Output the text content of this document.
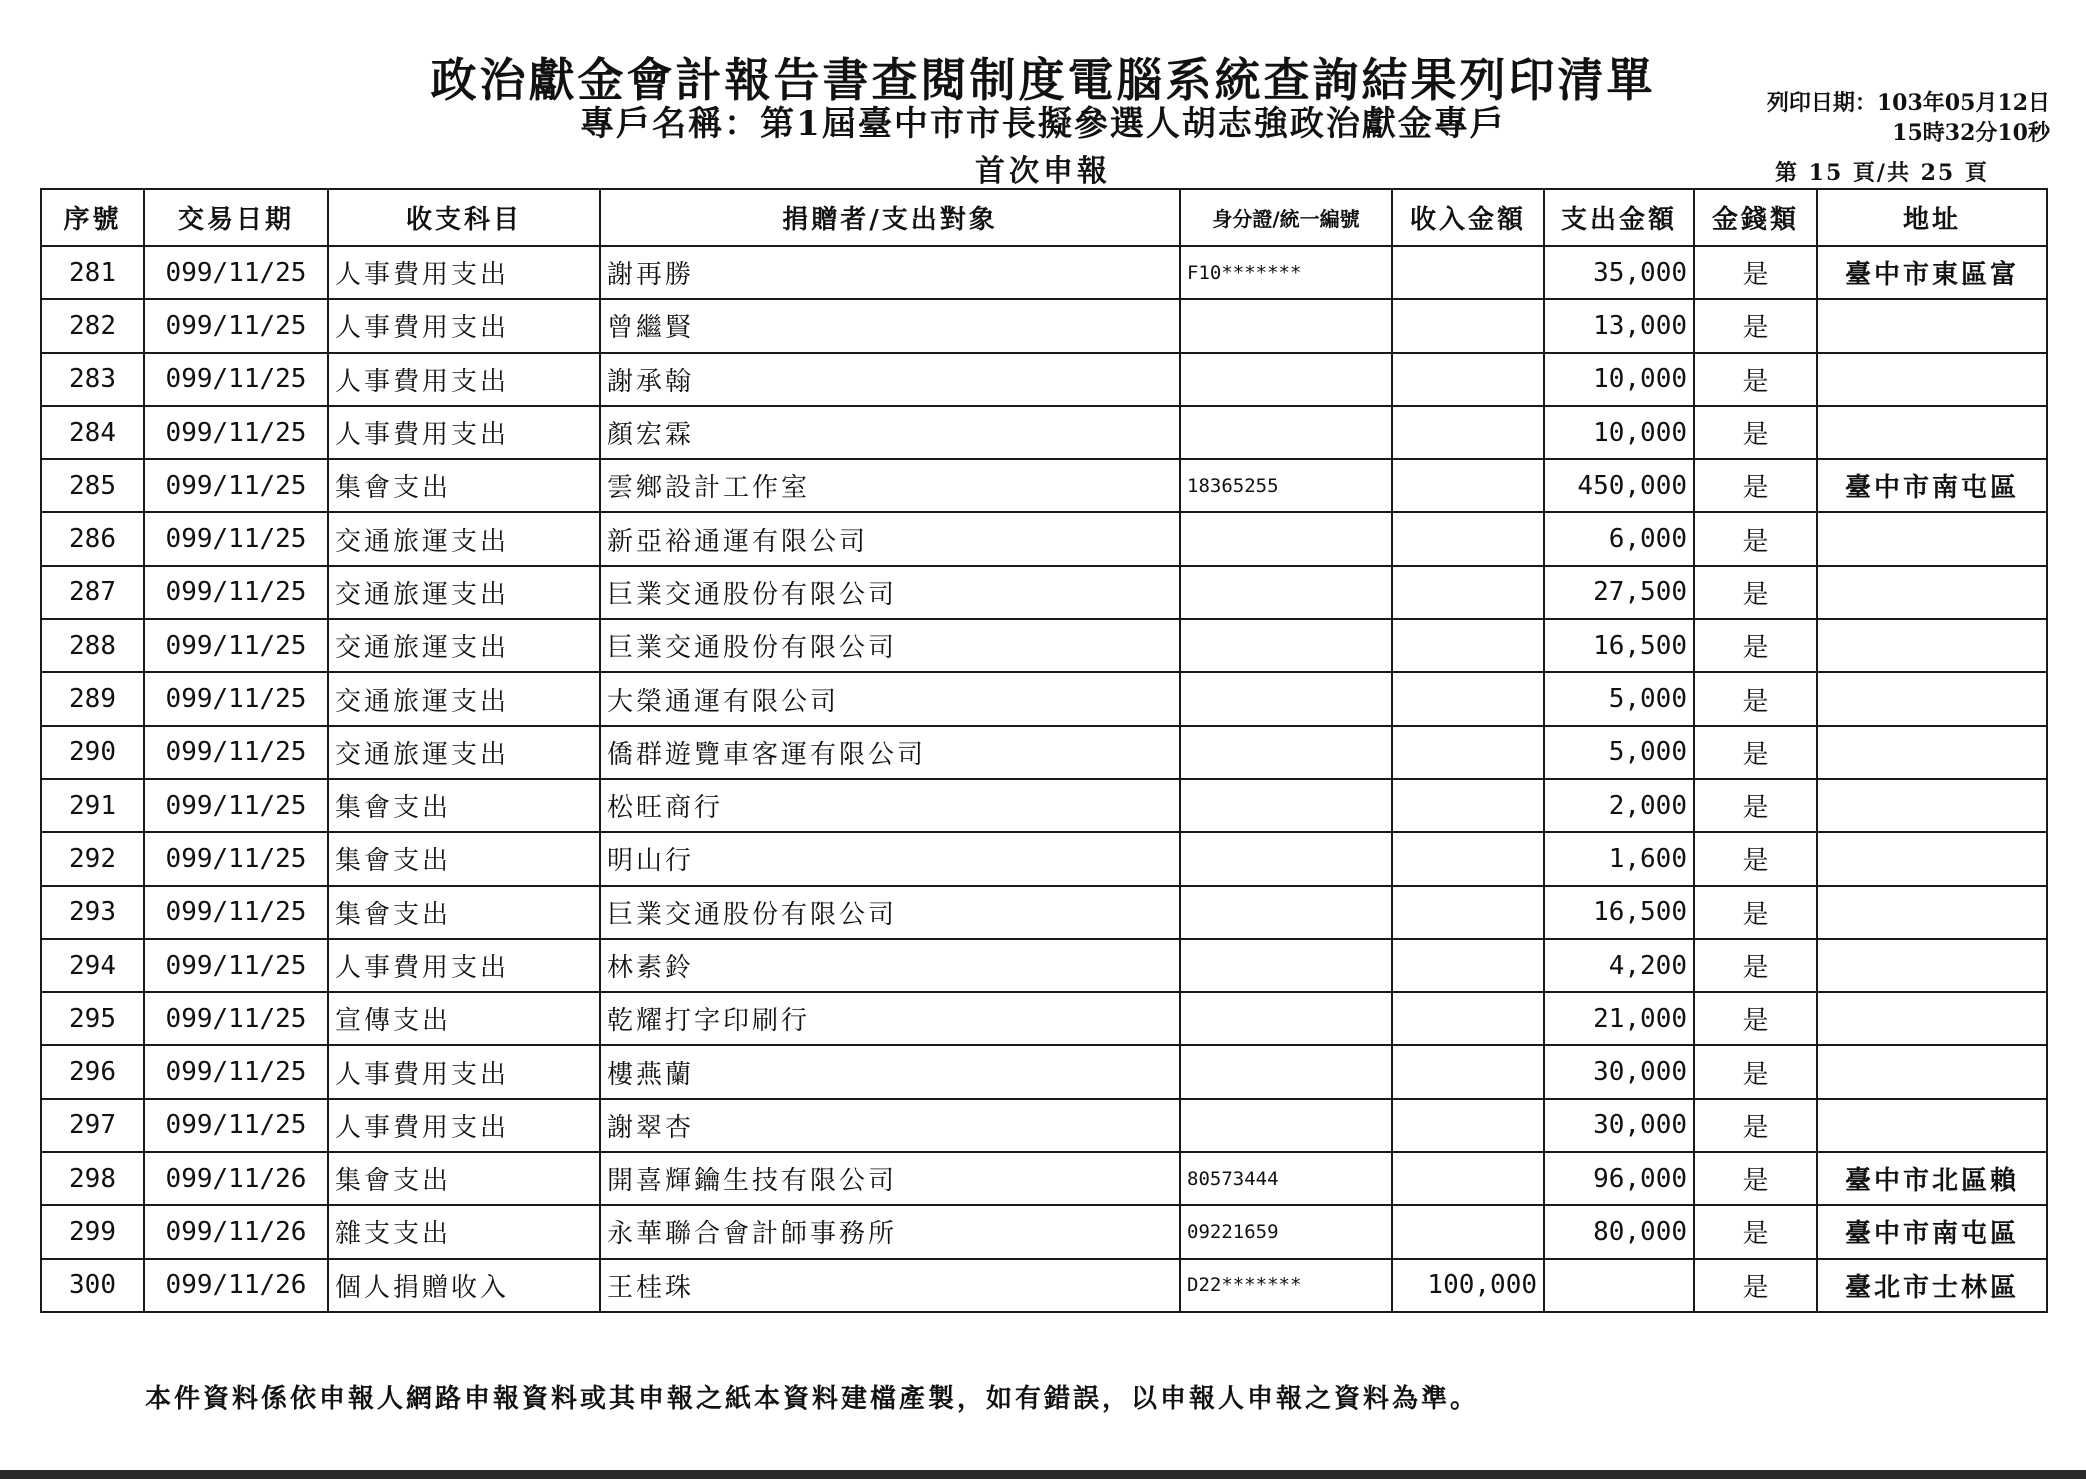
政治獻金會計報告書查閱制度電腦系統查詢結果列印清單
專戶名稱：第1屆臺中市市長擬參選人胡志強政治獻金專戶
首次申報
列印日期：103年05月12日
15時32分10秒
第 15 頁/共 25 頁
序號	交易日期	收支科目	捐贈者/支出對象	身分證/統一編號	收入金額	支出金額	金錢類	地址
281	099/11/25	人事費用支出	謝再勝	F10*******		35,000	是	臺中市東區富
282	099/11/25	人事費用支出	曾繼賢			13,000	是	
283	099/11/25	人事費用支出	謝承翰			10,000	是	
284	099/11/25	人事費用支出	顏宏霖			10,000	是	
285	099/11/25	集會支出	雲鄉設計工作室	18365255		450,000	是	臺中市南屯區
286	099/11/25	交通旅運支出	新亞裕通運有限公司			6,000	是	
287	099/11/25	交通旅運支出	巨業交通股份有限公司			27,500	是	
288	099/11/25	交通旅運支出	巨業交通股份有限公司			16,500	是	
289	099/11/25	交通旅運支出	大榮通運有限公司			5,000	是	
290	099/11/25	交通旅運支出	僑群遊覽車客運有限公司			5,000	是	
291	099/11/25	集會支出	松旺商行			2,000	是	
292	099/11/25	集會支出	明山行			1,600	是	
293	099/11/25	集會支出	巨業交通股份有限公司			16,500	是	
294	099/11/25	人事費用支出	林素鈴			4,200	是	
295	099/11/25	宣傳支出	乾耀打字印刷行			21,000	是	
296	099/11/25	人事費用支出	樓燕蘭			30,000	是	
297	099/11/25	人事費用支出	謝翠杏			30,000	是	
298	099/11/26	集會支出	開喜輝鑰生技有限公司	80573444		96,000	是	臺中市北區賴
299	099/11/26	雜支支出	永華聯合會計師事務所	09221659		80,000	是	臺中市南屯區
300	099/11/26	個人捐贈收入	王桂珠	D22*******	100,000		是	臺北市士林區
本件資料係依申報人網路申報資料或其申報之紙本資料建檔產製，如有錯誤，以申報人申報之資料為準。
